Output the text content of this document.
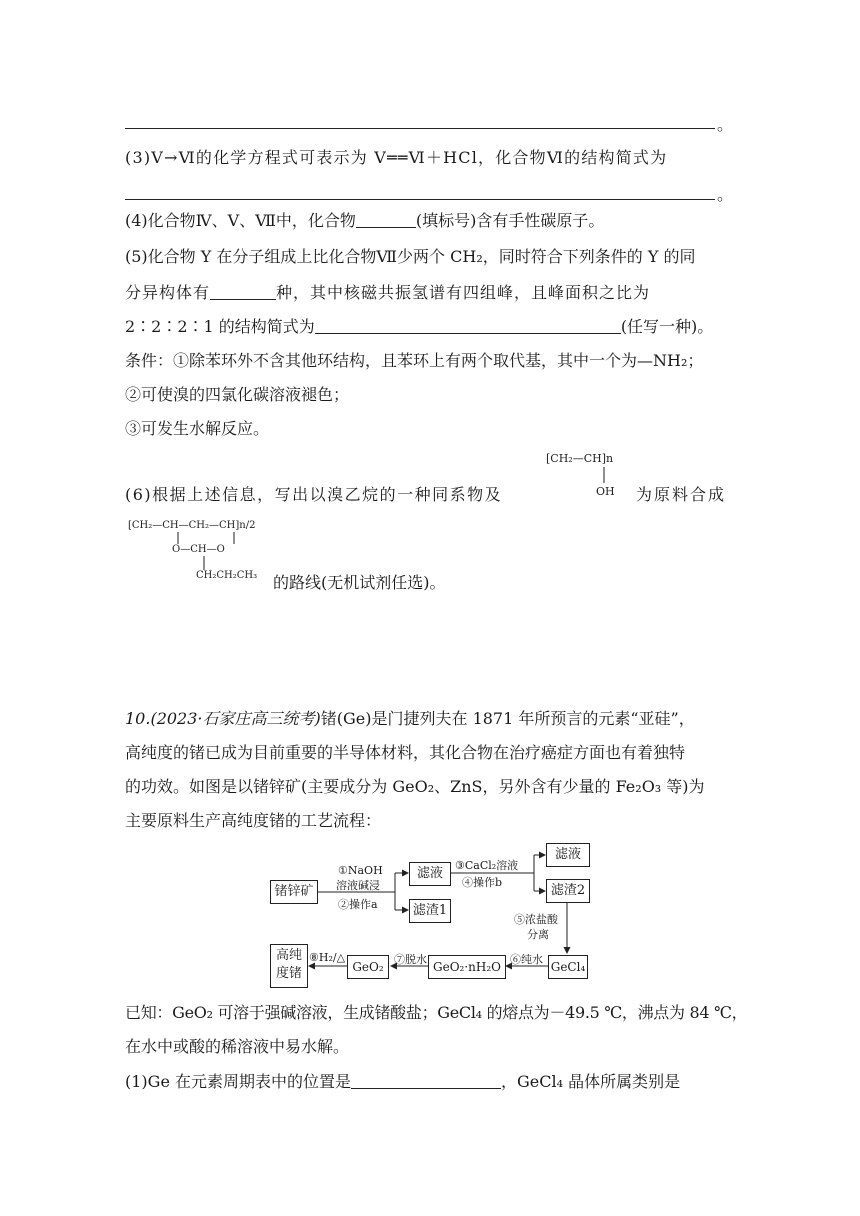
。
(3)Ⅴ→Ⅵ的化学方程式可表示为 Ⅴ══Ⅵ＋HCl，化合物Ⅵ的结构简式为
。
(4)化合物Ⅳ、Ⅴ、Ⅶ中，化合物	(填标号)含有手性碳原子。
(5)化合物 Y 在分子组成上比化合物Ⅶ少两个 CH₂，同时符合下列条件的 Y 的同
分异构体有	种，其中核磁共振氢谱有四组峰，且峰面积之比为
2∶2∶2∶1 的结构简式为	(任写一种)。
条件：①除苯环外不含其他环结构，且苯环上有两个取代基，其中一个为—NH₂；
②可使溴的四氯化碳溶液褪色；
③可发生水解反应。
[CH₂—CH]n
OH
(6)根据上述信息，写出以溴乙烷的一种同系物及	为原料合成
[CH₂—CH—CH₂—CH]n/2
O—CH—O
CH₂CH₂CH₃ 的路线(无机试剂任选)。
10.(2023·石家庄高三统考)锗(Ge)是门捷列夫在 1871 年所预言的元素“亚硅”，
高纯度的锗已成为目前重要的半导体材料，其化合物在治疗癌症方面也有着独特
的功效。如图是以锗锌矿(主要成分为 GeO₂、ZnS，另外含有少量的 Fe₂O₃ 等)为
主要原料生产高纯度锗的工艺流程：
锗锌矿
①NaOH
溶液碱浸
②操作a
滤液
滤渣1
③CaCl₂溶液
④操作b
滤液
滤渣2
⑤浓盐酸
分离
GeCl₄
⑥纯水
GeO₂·nH₂O
⑦脱水
GeO₂
⑧H₂/△
高纯
度锗
已知：GeO₂ 可溶于强碱溶液，生成锗酸盐；GeCl₄ 的熔点为－49.5 ℃，沸点为 84 ℃，
在水中或酸的稀溶液中易水解。
(1)Ge 在元素周期表中的位置是	，GeCl₄ 晶体所属类别是
